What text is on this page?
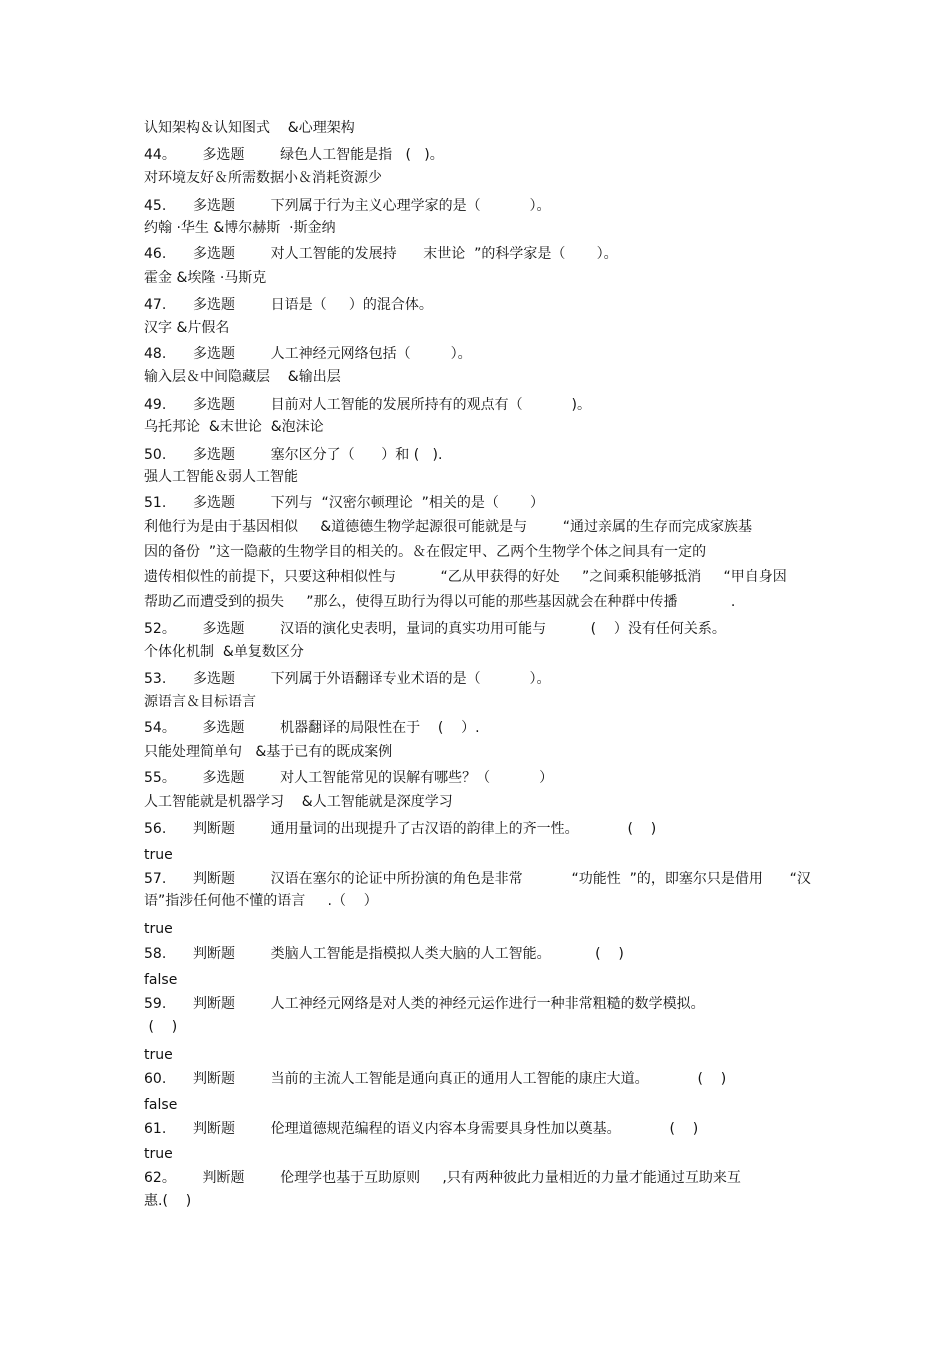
认知架构＆认知图式    &心理架构
44。      多选题        绿色人工智能是指   (   )。
对环境友好＆所需数据小＆消耗资源少
45.      多选题        下列属于行为主义心理学家的是（           ）。
约翰 ·华生 &博尔赫斯  ·斯金纳
46.      多选题        对人工智能的发展持      末世论  ”的科学家是（       ）。
霍金 &埃隆 ·马斯克
47.      多选题        日语是（     ）的混合体。
汉字 &片假名
48.      多选题        人工神经元网络包括（         ）。
输入层＆中间隐藏层    &输出层
49.      多选题        目前对人工智能的发展所持有的观点有（           )。
乌托邦论  &末世论  &泡沫论
50.      多选题        塞尔区分了（      ）和 (   ).
强人工智能＆弱人工智能
51.      多选题        下列与  “汉密尔顿理论  ”相关的是（       ）
利他行为是由于基因相似     &道德德生物学起源很可能就是与        “通过亲属的生存而完成家族基
因的备份  ”这一隐蔽的生物学目的相关的。＆在假定甲、乙两个生物学个体之间具有一定的
遗传相似性的前提下，只要这种相似性与          “乙从甲获得的好处     ”之间乘积能够抵消     “甲自身因
帮助乙而遭受到的损失     ”那么，使得互助行为得以可能的那些基因就会在种群中传播            .
52。      多选题        汉语的演化史表明，量词的真实功用可能与          (    ）没有任何关系。
个体化机制  &单复数区分
53.      多选题        下列属于外语翻译专业术语的是（           ）。
源语言＆目标语言
54。      多选题        机器翻译的局限性在于    (    ）.
只能处理简单句   &基于已有的既成案例
55。      多选题        对人工智能常见的误解有哪些？（           ）
人工智能就是机器学习    &人工智能就是深度学习
56.      判断题        通用量词的出现提升了古汉语的韵律上的齐一性。           (    )
true
57.      判断题        汉语在塞尔的论证中所扮演的角色是非常           “功能性  ”的，即塞尔只是借用      “汉
语”指涉任何他不懂的语言     .（    ）
true
58.      判断题        类脑人工智能是指模拟人类大脑的人工智能。          (    )
false
59.      判断题        人工神经元网络是对人类的神经元运作进行一种非常粗糙的数学模拟。
(    )
true
60.      判断题        当前的主流人工智能是通向真正的通用人工智能的康庄大道。           (    )
false
61.      判断题        伦理道德规范编程的语义内容本身需要具身性加以奠基。           (    )
true
62。      判断题        伦理学也基于互助原则     ,只有两种彼此力量相近的力量才能通过互助来互
惠.(    )
